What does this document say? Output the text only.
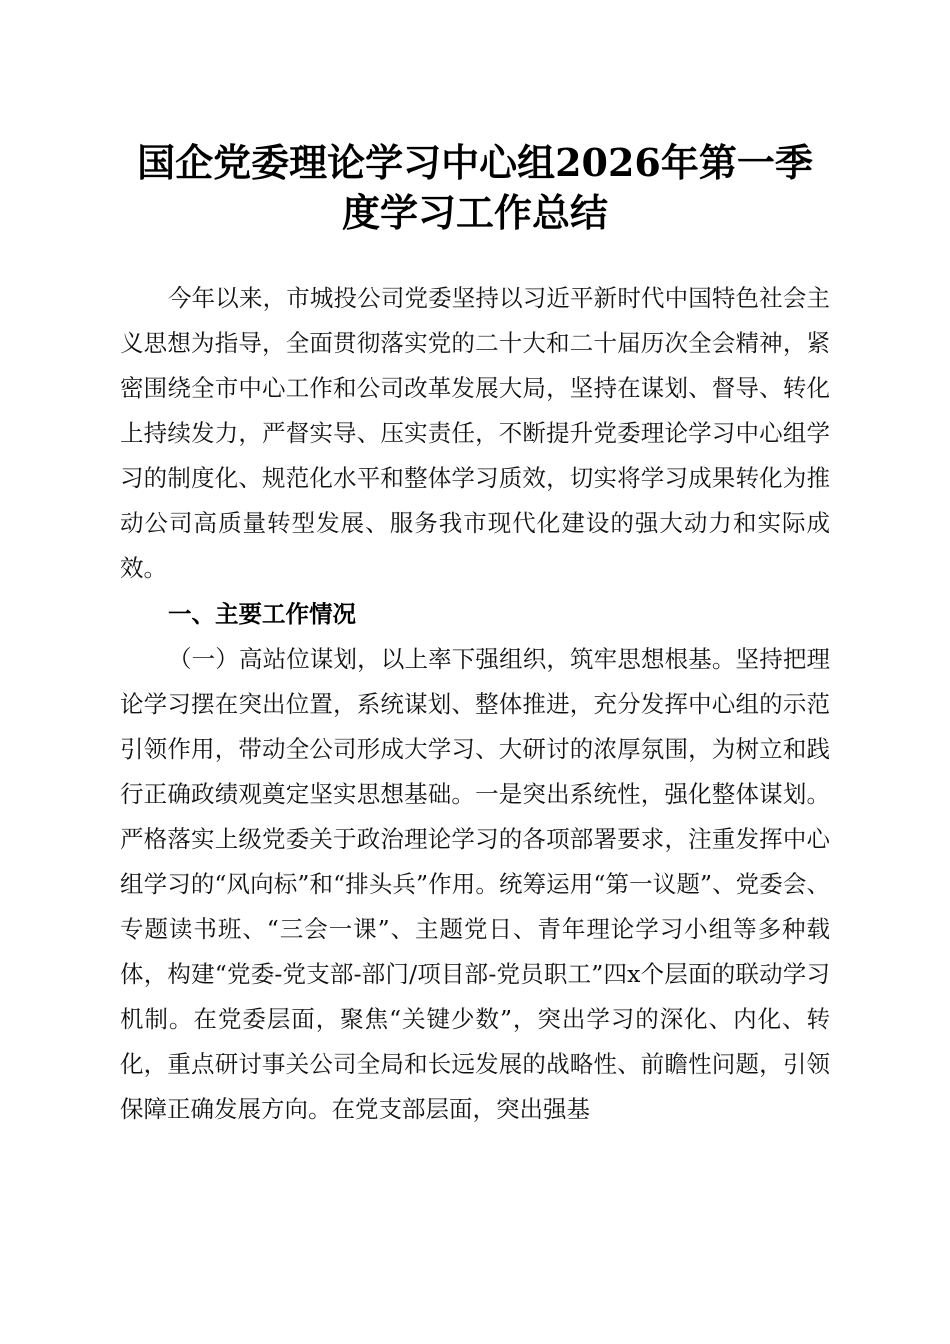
国企党委理论学习中心组2026年第一季度学习工作总结

今年以来，市城投公司党委坚持以习近平新时代中国特色社会主义思想为指导，全面贯彻落实党的二十大和二十届历次全会精神，紧密围绕全市中心工作和公司改革发展大局，坚持在谋划、督导、转化上持续发力，严督实导、压实责任，不断提升党委理论学习中心组学习的制度化、规范化水平和整体学习质效，切实将学习成果转化为推动公司高质量转型发展、服务我市现代化建设的强大动力和实际成效。

一、主要工作情况

（一）高站位谋划，以上率下强组织，筑牢思想根基。坚持把理论学习摆在突出位置，系统谋划、整体推进，充分发挥中心组的示范引领作用，带动全公司形成大学习、大研讨的浓厚氛围，为树立和践行正确政绩观奠定坚实思想基础。一是突出系统性，强化整体谋划。严格落实上级党委关于政治理论学习的各项部署要求，注重发挥中心组学习的“风向标”和“排头兵”作用。统筹运用“第一议题”、党委会、专题读书班、“三会一课”、主题党日、青年理论学习小组等多种载体，构建“党委-党支部-部门/项目部-党员职工”四x个层面的联动学习机制。在党委层面，聚焦“关键少数”，突出学习的深化、内化、转化，重点研讨事关公司全局和长远发展的战略性、前瞻性问题，引领保障正确发展方向。在党支部层面，突出强基
